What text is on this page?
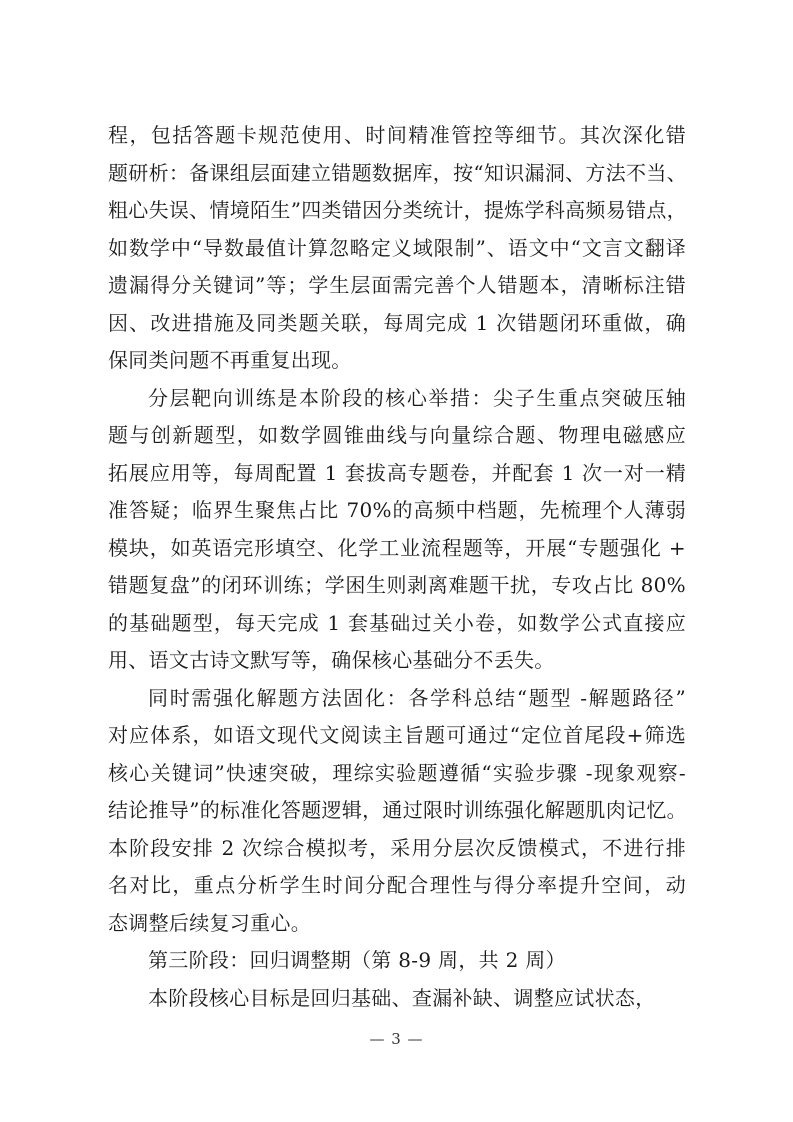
程，包括答题卡规范使用、时间精准管控等细节。其次深化错
题研析：备课组层面建立错题数据库，按“知识漏洞、方法不当、
粗心失误、情境陌生”四类错因分类统计，提炼学科高频易错点，
如数学中“导数最值计算忽略定义域限制”、语文中“文言文翻译
遗漏得分关键词”等；学生层面需完善个人错题本，清晰标注错
因、改进措施及同类题关联，每周完成 1 次错题闭环重做，确
保同类问题不再重复出现。
分层靶向训练是本阶段的核心举措：尖子生重点突破压轴
题与创新题型，如数学圆锥曲线与向量综合题、物理电磁感应
拓展应用等，每周配置 1 套拔高专题卷，并配套 1 次一对一精
准答疑；临界生聚焦占比 70%的高频中档题，先梳理个人薄弱
模块，如英语完形填空、化学工业流程题等，开展“专题强化 +
错题复盘”的闭环训练；学困生则剥离难题干扰，专攻占比 80%
的基础题型，每天完成 1 套基础过关小卷，如数学公式直接应
用、语文古诗文默写等，确保核心基础分不丢失。
同时需强化解题方法固化：各学科总结“题型 -解题路径”
对应体系，如语文现代文阅读主旨题可通过“定位首尾段+筛选
核心关键词”快速突破，理综实验题遵循“实验步骤 -现象观察-
结论推导”的标准化答题逻辑，通过限时训练强化解题肌肉记忆。
本阶段安排 2 次综合模拟考，采用分层次反馈模式，不进行排
名对比，重点分析学生时间分配合理性与得分率提升空间，动
态调整后续复习重心。
第三阶段：回归调整期（第 8-9 周，共 2 周）
本阶段核心目标是回归基础、查漏补缺、调整应试状态，
— 3 —
